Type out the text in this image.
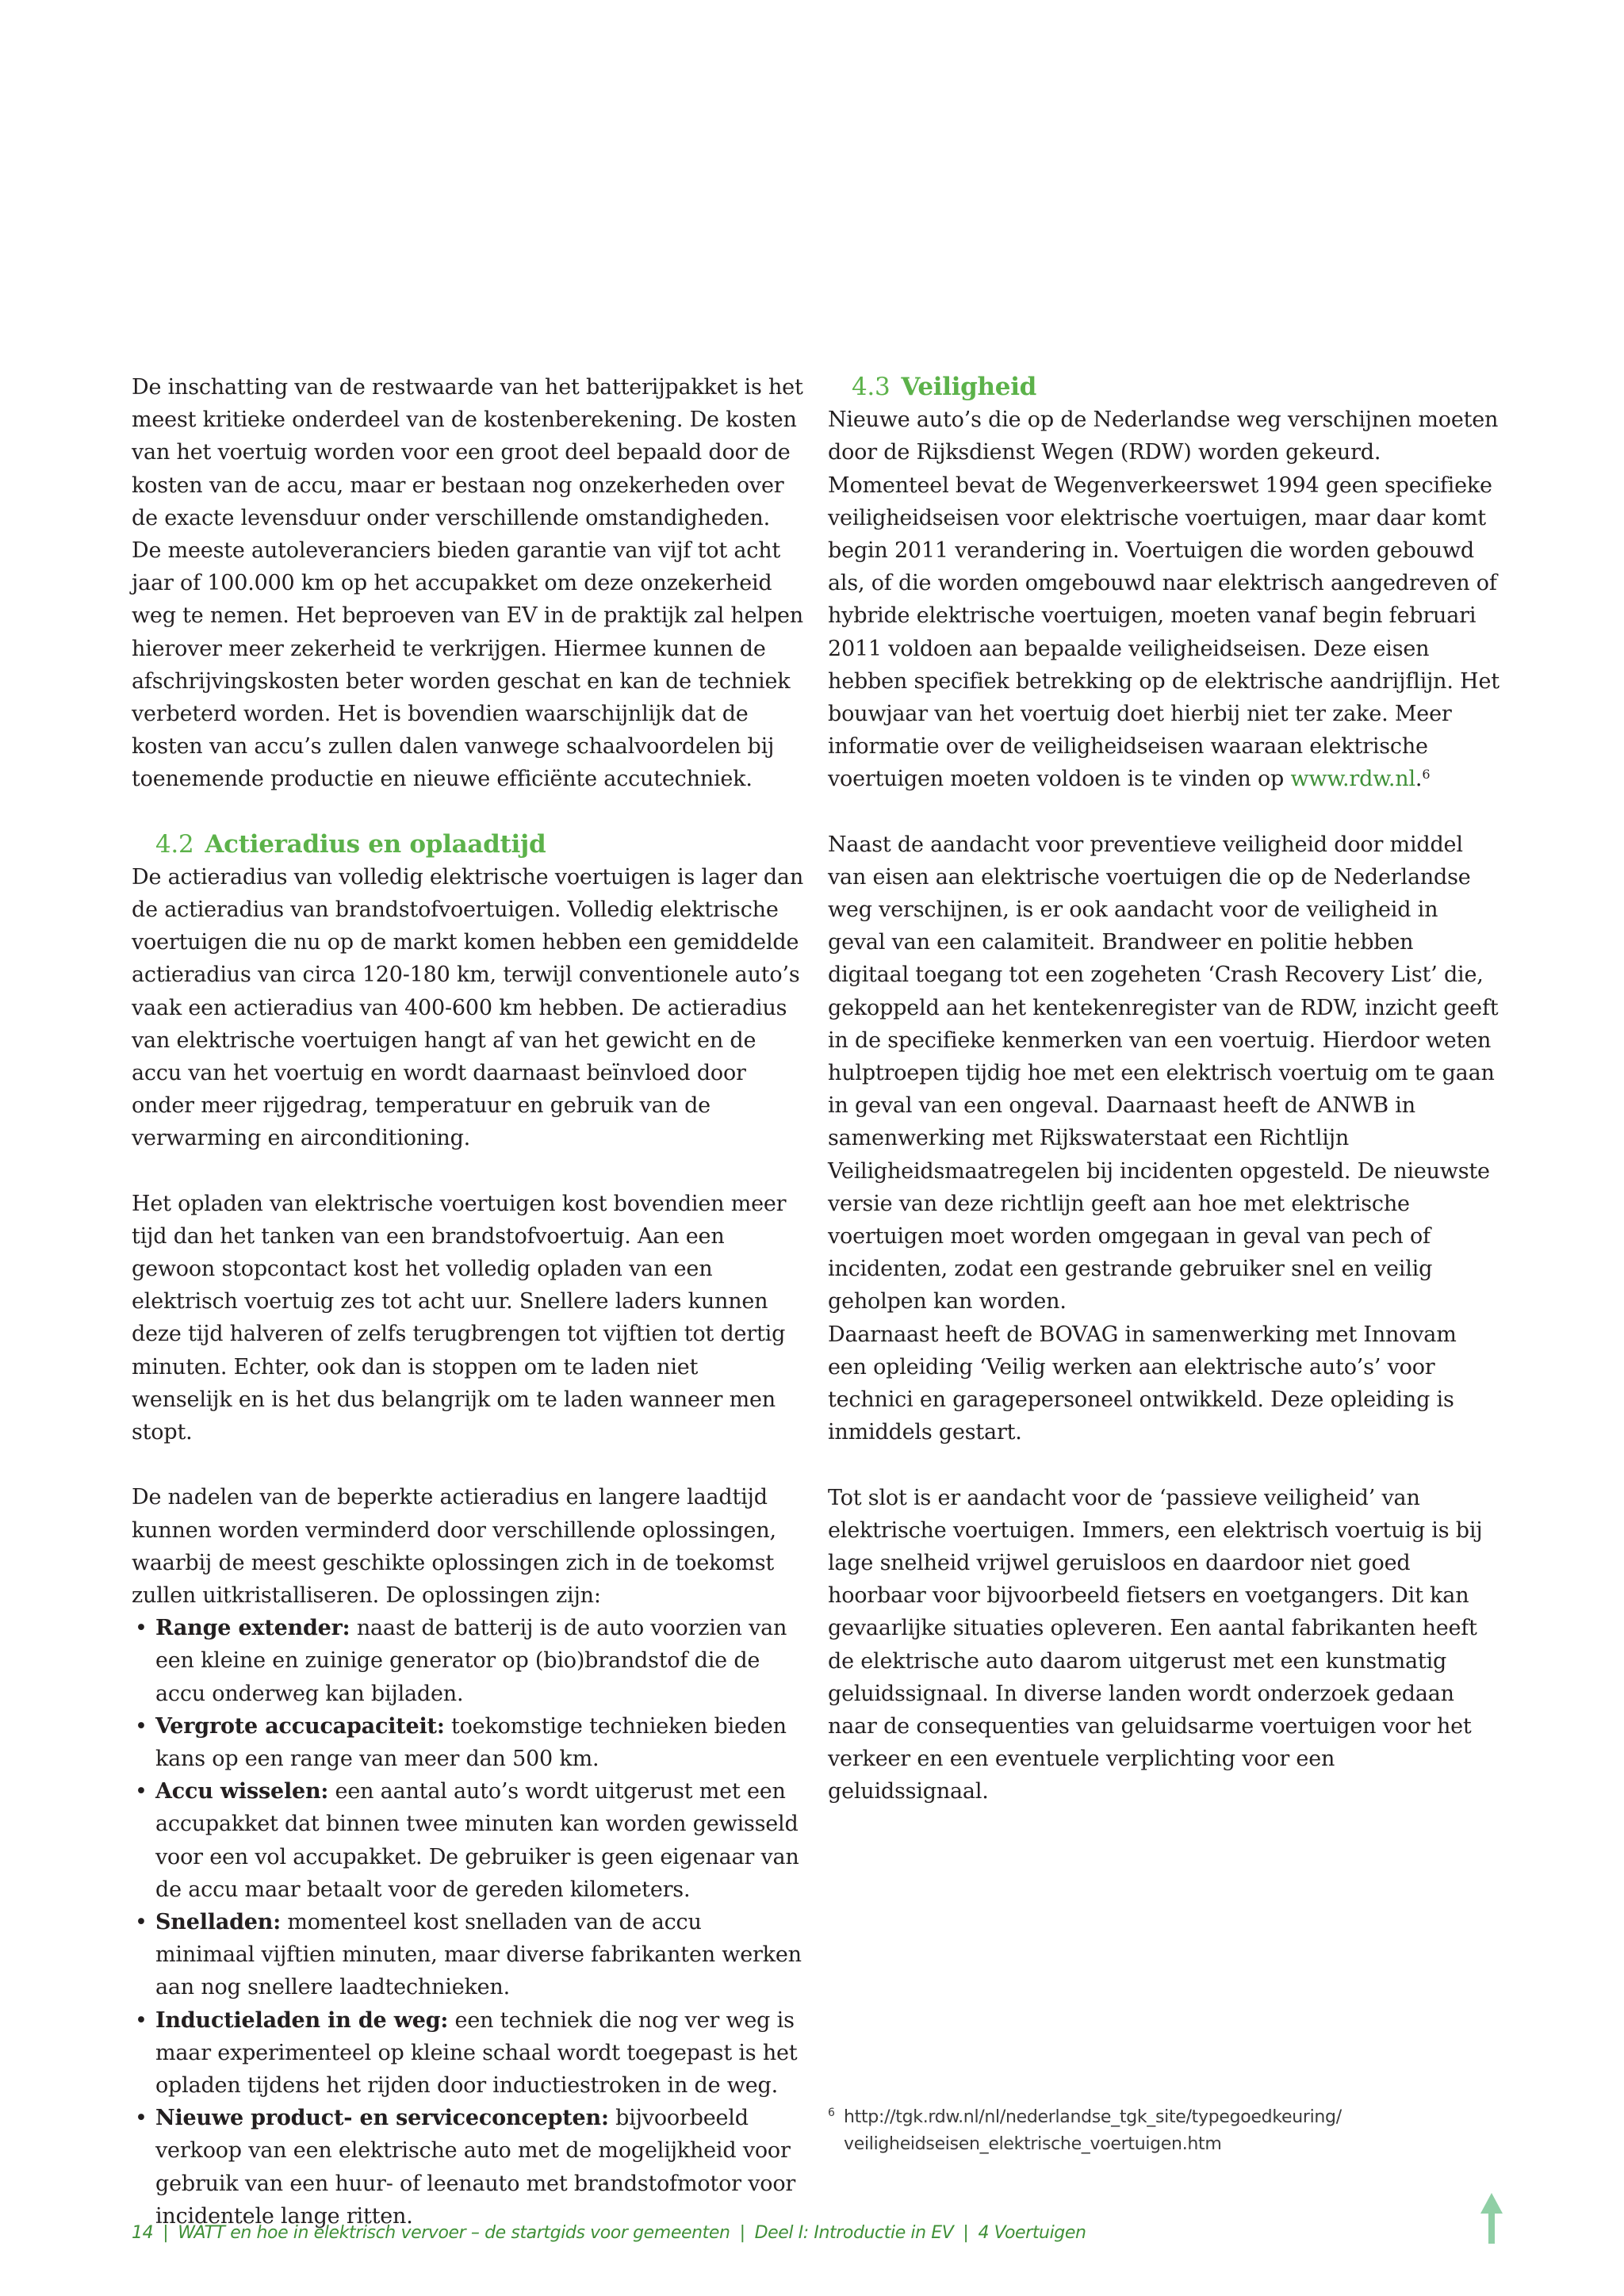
De inschatting van de restwaarde van het batterijpakket is het meest kritieke onderdeel van de kostenberekening. De kosten van het voertuig worden voor een groot deel bepaald door de kosten van de accu, maar er bestaan nog onzekerheden over de exacte levensduur onder verschillende omstandigheden. De meeste autoleveranciers bieden garantie van vijf tot acht jaar of 100.000 km op het accupakket om deze onzekerheid weg te nemen. Het beproeven van EV in de praktijk zal helpen hierover meer zekerheid te verkrijgen. Hiermee kunnen de afschrijvingskosten beter worden geschat en kan de techniek verbeterd worden. Het is bovendien waarschijnlijk dat de kosten van accu’s zullen dalen vanwege schaalvoordelen bij toenemende productie en nieuwe efficiënte accutechniek.

4.2 Actieradius en oplaadtijd

De actieradius van volledig elektrische voertuigen is lager dan de actieradius van brandstofvoertuigen. Volledig elektrische voertuigen die nu op de markt komen hebben een gemiddelde actieradius van circa 120-180 km, terwijl conventionele auto’s vaak een actieradius van 400-600 km hebben. De actieradius van elektrische voertuigen hangt af van het gewicht en de accu van het voertuig en wordt daarnaast beïnvloed door onder meer rijgedrag, temperatuur en gebruik van de verwarming en airconditioning.

Het opladen van elektrische voertuigen kost bovendien meer tijd dan het tanken van een brandstofvoertuig. Aan een gewoon stopcontact kost het volledig opladen van een elektrisch voertuig zes tot acht uur. Snellere laders kunnen deze tijd halveren of zelfs terugbrengen tot vijftien tot dertig minuten. Echter, ook dan is stoppen om te laden niet wenselijk en is het dus belangrijk om te laden wanneer men stopt.

De nadelen van de beperkte actieradius en langere laadtijd kunnen worden verminderd door verschillende oplossingen, waarbij de meest geschikte oplossingen zich in de toekomst zullen uitkristalliseren. De oplossingen zijn:

• Range extender: naast de batterij is de auto voorzien van een kleine en zuinige generator op (bio)brandstof die de accu onderweg kan bijladen.
• Vergrote accucapaciteit: toekomstige technieken bieden kans op een range van meer dan 500 km.
• Accu wisselen: een aantal auto’s wordt uitgerust met een accupakket dat binnen twee minuten kan worden gewisseld voor een vol accupakket. De gebruiker is geen eigenaar van de accu maar betaalt voor de gereden kilometers.
• Snelladen: momenteel kost snelladen van de accu minimaal vijftien minuten, maar diverse fabrikanten werken aan nog snellere laadtechnieken.
• Inductieladen in de weg: een techniek die nog ver weg is maar experimenteel op kleine schaal wordt toegepast is het opladen tijdens het rijden door inductiestroken in de weg.
• Nieuwe product- en serviceconcepten: bijvoorbeeld verkoop van een elektrische auto met de mogelijkheid voor gebruik van een huur- of leenauto met brandstofmotor voor incidentele lange ritten.
4.3 Veiligheid

Nieuwe auto’s die op de Nederlandse weg verschijnen moeten door de Rijksdienst Wegen (RDW) worden gekeurd. Momenteel bevat de Wegenverkeerswet 1994 geen specifieke veiligheidseisen voor elektrische voertuigen, maar daar komt begin 2011 verandering in. Voertuigen die worden gebouwd als, of die worden omgebouwd naar elektrisch aangedreven of hybride elektrische voertuigen, moeten vanaf begin februari 2011 voldoen aan bepaalde veiligheidseisen. Deze eisen hebben specifiek betrekking op de elektrische aandrijflijn. Het bouwjaar van het voertuig doet hierbij niet ter zake. Meer informatie over de veiligheidseisen waaraan elektrische voertuigen moeten voldoen is te vinden op www.rdw.nl.$^6$

Naast de aandacht voor preventieve veiligheid door middel van eisen aan elektrische voertuigen die op de Nederlandse weg verschijnen, is er ook aandacht voor de veiligheid in geval van een calamiteit. Brandweer en politie hebben digitaal toegang tot een zogeheten ‘Crash Recovery List’ die, gekoppeld aan het kentekenregister van de RDW, inzicht geeft in de specifieke kenmerken van een voertuig. Hierdoor weten hulptroepen tijdig hoe met een elektrisch voertuig om te gaan in geval van een ongeval. Daarnaast heeft de ANWB in samenwerking met Rijkswaterstaat een Richtlijn Veiligheidsmaatregelen bij incidenten opgesteld. De nieuwste versie van deze richtlijn geeft aan hoe met elektrische voertuigen moet worden omgegaan in geval van pech of incidenten, zodat een gestrande gebruiker snel en veilig geholpen kan worden.

Daarnaast heeft de BOVAG in samenwerking met Innovam een opleiding ‘Veilig werken aan elektrische auto’s’ voor technici en garagepersoneel ontwikkeld. Deze opleiding is inmiddels gestart.

Tot slot is er aandacht voor de ‘passieve veiligheid’ van elektrische voertuigen. Immers, een elektrisch voertuig is bij lage snelheid vrijwel geruisloos en daardoor niet goed hoorbaar voor bijvoorbeeld fietsers en voetgangers. Dit kan gevaarlijke situaties opleveren. Een aantal fabrikanten heeft de elektrische auto daarom uitgerust met een kunstmatig geluidssignaal. In diverse landen wordt onderzoek gedaan naar de consequenties van geluidsarme voertuigen voor het verkeer en een eventuele verplichting voor een geluidssignaal.

6 http://tgk.rdw.nl/nl/nederlandse_tgk_site/typegoedkeuring/ veiligheidseisen_elektrische_voertuigen.htm
14 | WATT en hoe in elektrisch vervoer – de startgids voor gemeenten | Deel I: Introductie in EV | 4 Voertuigen
